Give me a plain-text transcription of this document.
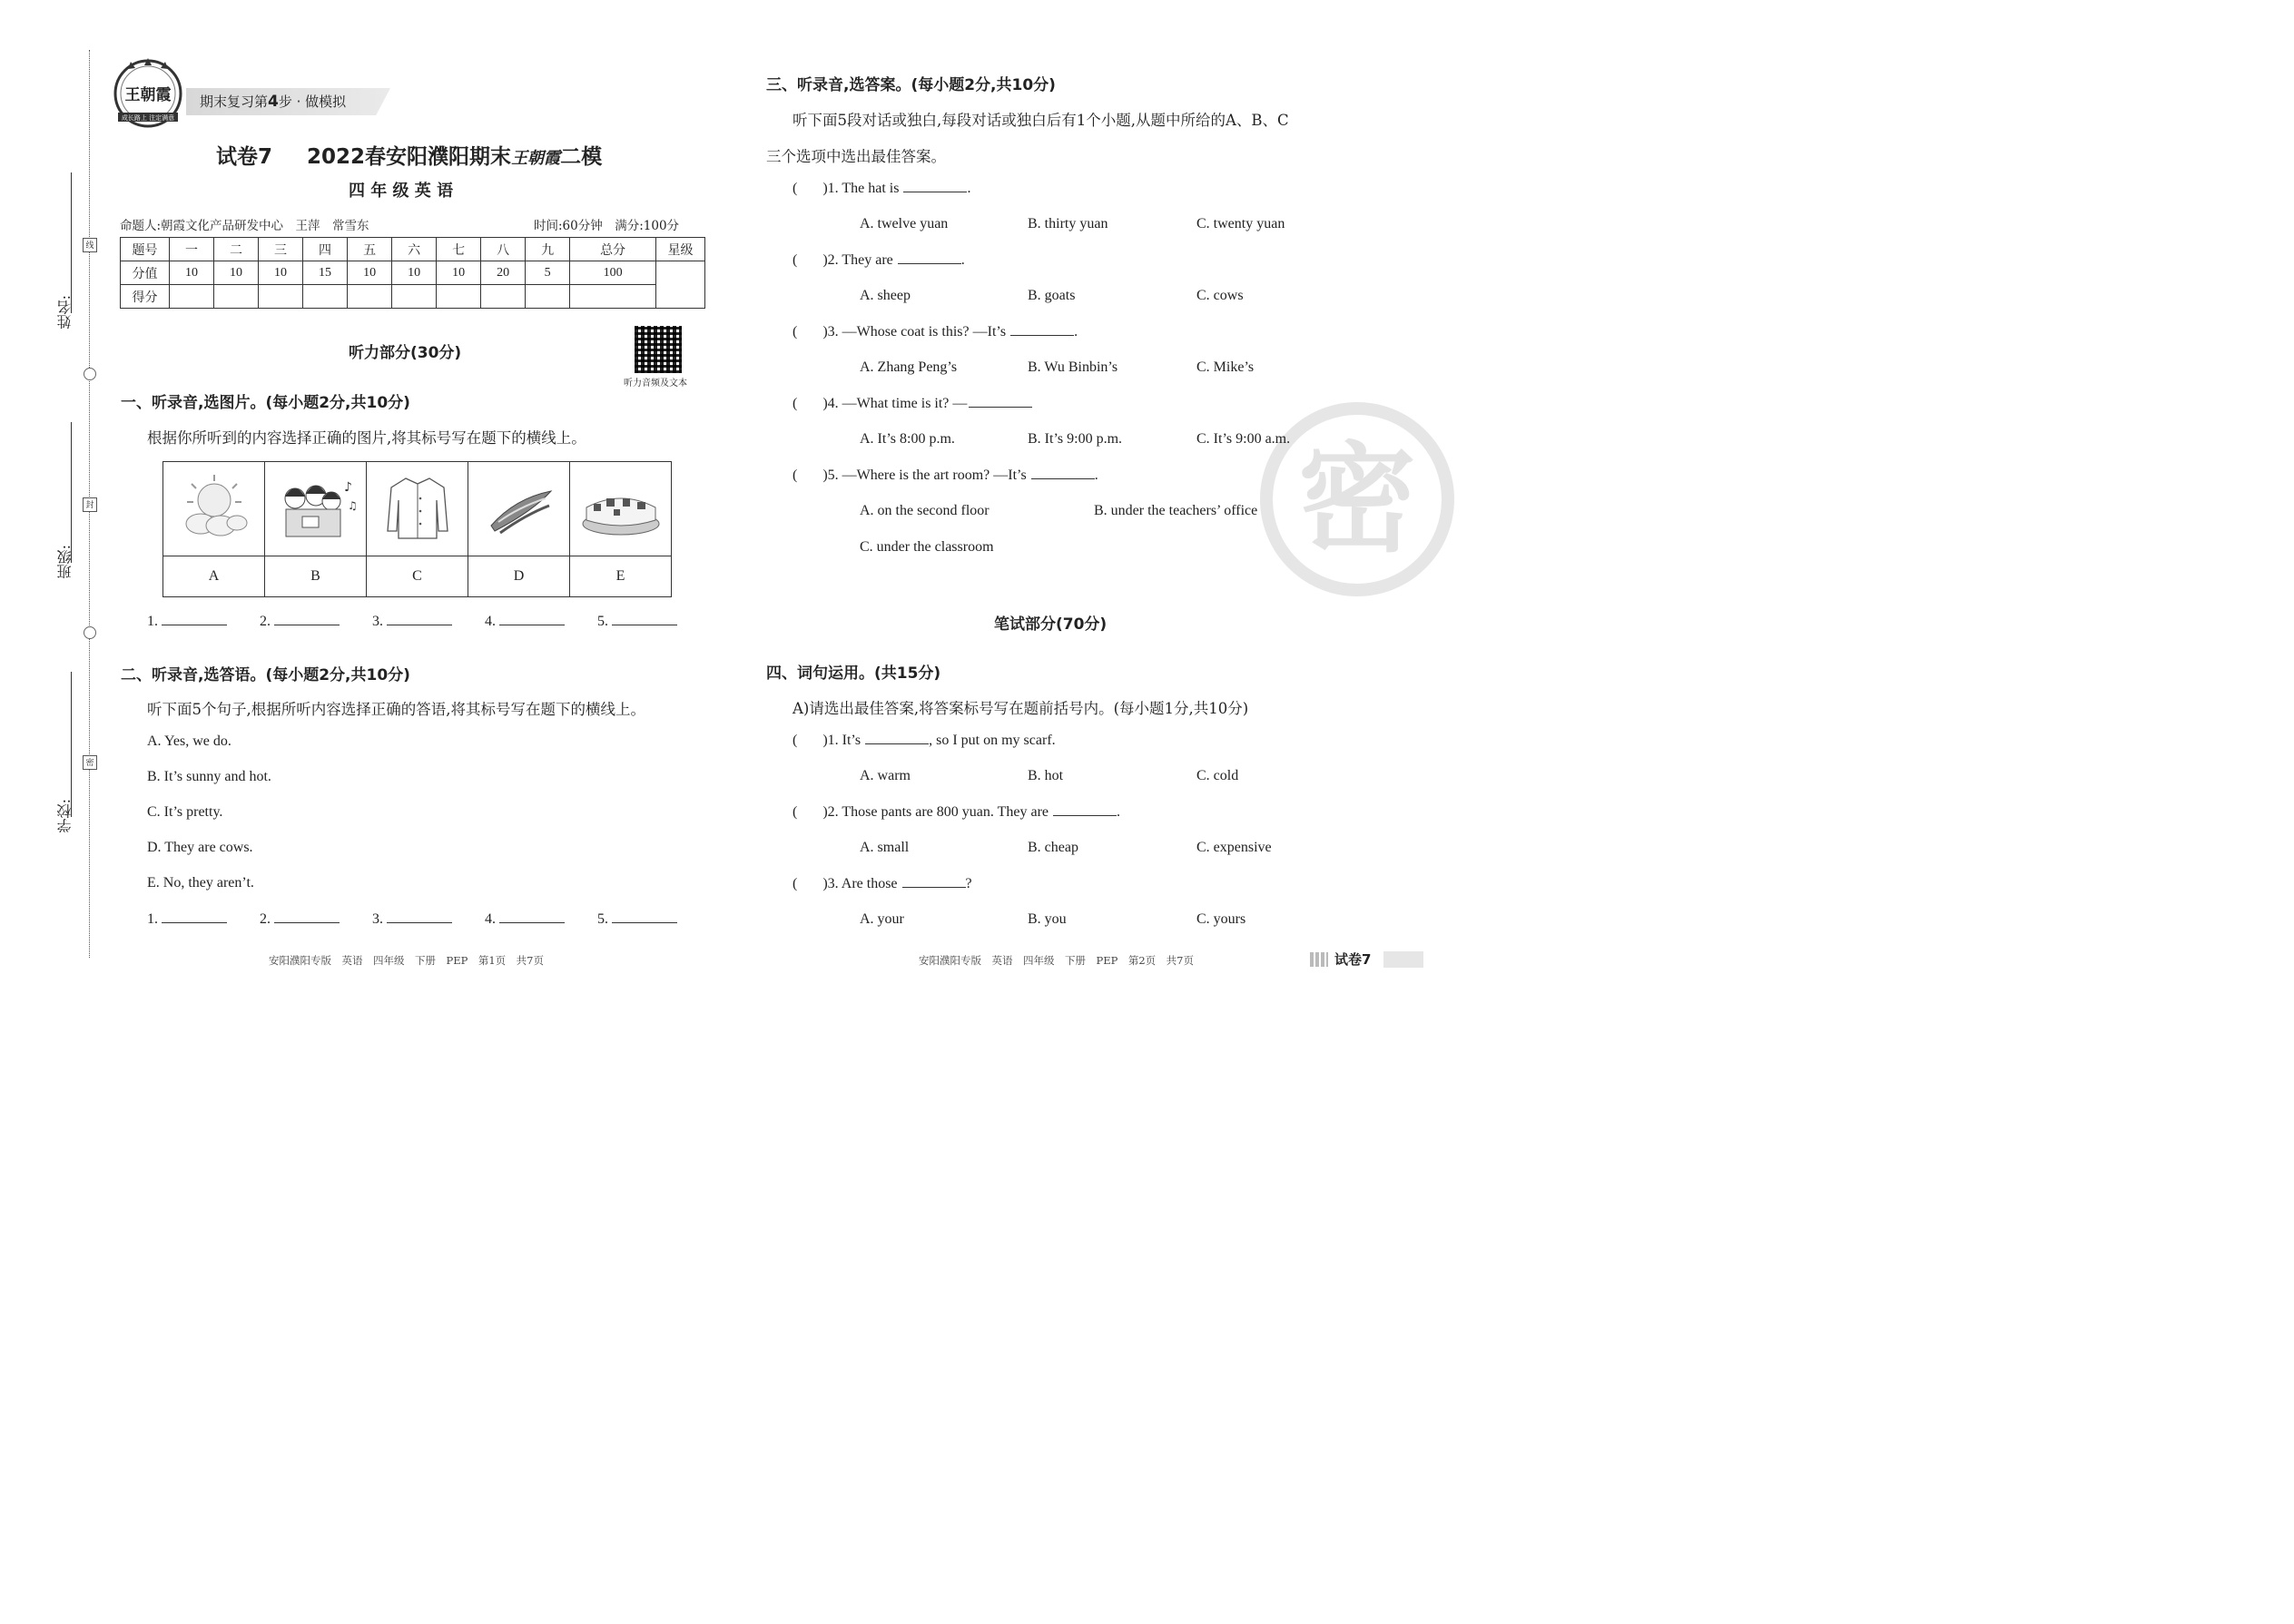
姓名:
班级:
学校:
线
封
密
王朝霞
成长路上 注定满意
期末复习第4步 · 做模拟
试卷7 2022春安阳濮阳期末王朝霞二模
四 年 级 英 语
命题人:朝霞文化产品研发中心　王萍　常雪东	时间:60分钟　满分:100分
题号	一	二	三	四	五	六	七	八	九	总分	星级
分值	10	10	10	15	10	10	10	20	5	100	
得分											
听力部分(30分)
听力音频及文本
一、听录音,选图片。(每小题2分,共10分)
根据你所听到的内容选择正确的图片,将其标号写在题下的横线上。

♪
♫

A	B	C	D	E
1.	2.	3.	4.	5.
二、听录音,选答语。(每小题2分,共10分)
听下面5个句子,根据所听内容选择正确的答语,将其标号写在题下的横线上。
A. Yes, we do.
B. It’s sunny and hot.
C. It’s pretty.
D. They are cows.
E. No, they aren’t.
1.	2.	3.	4.	5.
安阳濮阳专版　英语　四年级　下册　PEP　第1页　共7页
密
三、听录音,选答案。(每小题2分,共10分)
听下面5段对话或独白,每段对话或独白后有1个小题,从题中所给的A、B、C
三个选项中选出最佳答案。
(       )1. The hat is	.
A. twelve yuan	B. thirty yuan	C. twenty yuan
(       )2. They are	.
A. sheep	B. goats	C. cows
(       )3. —Whose coat is this? —It’s	.
A. Zhang Peng’s	B. Wu Binbin’s	C. Mike’s
(       )4. —What time is it? —
A. It’s 8:00 p.m.	B. It’s 9:00 p.m.	C. It’s 9:00 a.m.
(       )5. —Where is the art room? —It’s	.
A. on the second floor	B. under the teachers’ office
C. under the classroom
笔试部分(70分)
四、词句运用。(共15分)
A)请选出最佳答案,将答案标号写在题前括号内。(每小题1分,共10分)
(       )1. It’s	, so I put on my scarf.
A. warm	B. hot	C. cold
(       )2. Those pants are 800 yuan. They are	.
A. small	B. cheap	C. expensive
(       )3. Are those	?
A. your	B. you	C. yours
安阳濮阳专版　英语　四年级　下册　PEP　第2页　共7页	试卷7
